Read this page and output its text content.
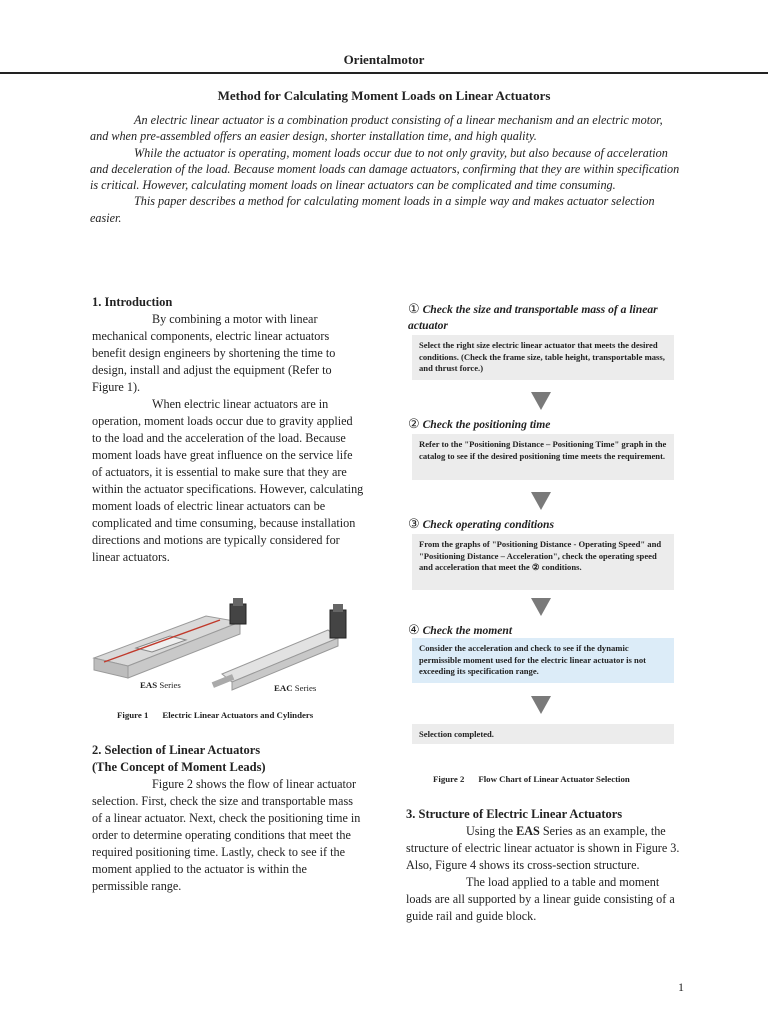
Orientalmotor
Method for Calculating Moment Loads on Linear Actuators

An electric linear actuator is a combination product consisting of a linear mechanism and an electric motor, and when pre-assembled offers an easier design, shorter installation time, and high quality.

While the actuator is operating, moment loads occur due to not only gravity, but also because of acceleration and deceleration of the load. Because moment loads can damage actuators, confirming that they are within specification is critical. However, calculating moment loads on linear actuators can be complicated and time consuming.

This paper describes a method for calculating moment loads in a simple way and makes actuator selection easier.

1. Introduction

By combining a motor with linear mechanical components, electric linear actuators benefit design engineers by shortening the time to design, install and adjust the equipment (Refer to Figure 1).

When electric linear actuators are in operation, moment loads occur due to gravity applied to the load and the acceleration of the load. Because moment loads have great influence on the service life of actuators, it is essential to make sure that they are within the actuator specifications. However, calculating moment loads of electric linear actuators can be complicated and time consuming, because installation directions and motions are typically considered for linear actuators.

EAS Series	EAC Series
Figure 1 Electric Linear Actuators and Cylinders
2. Selection of Linear Actuators
(The Concept of Moment Leads)

Figure 2 shows the flow of linear actuator selection. First, check the size and transportable mass of a linear actuator. Next, check the positioning time in order to determine operating conditions that meet the required positioning time. Lastly, check to see if the moment applied to the actuator is within the permissible range.

① Check the size and transportable mass of a linear actuator
Select the right size electric linear actuator that meets the desired conditions. (Check the frame size, table height, transportable mass, and thrust force.)
② Check the positioning time
Refer to the "Positioning Distance – Positioning Time" graph in the catalog to see if the desired positioning time meets the requirement.
③ Check operating conditions
From the graphs of "Positioning Distance - Operating Speed" and "Positioning Distance – Acceleration", check the operating speed and acceleration that meet the ② conditions.
④ Check the moment
Consider the acceleration and check to see if the dynamic permissible moment used for the electric linear actuator is not exceeding its specification range.
Selection completed.
Figure 2 Flow Chart of Linear Actuator Selection
3. Structure of Electric Linear Actuators

Using the EAS Series as an example, the structure of electric linear actuator is shown in Figure 3. Also, Figure 4 shows its cross-section structure.

The load applied to a table and moment loads are all supported by a linear guide consisting of a guide rail and guide block.

1
